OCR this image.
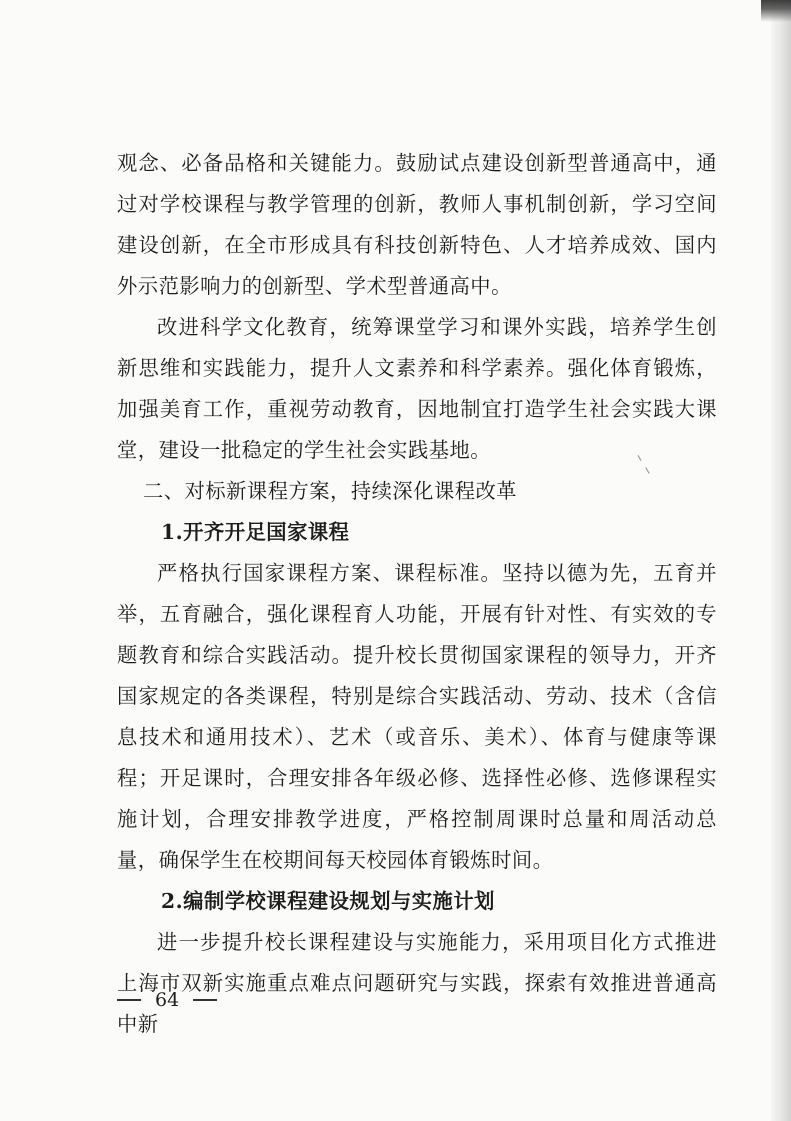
观念、必备品格和关键能力。鼓励试点建设创新型普通高中，通过对学校课程与教学管理的创新，教师人事机制创新，学习空间建设创新，在全市形成具有科技创新特色、人才培养成效、国内外示范影响力的创新型、学术型普通高中。

改进科学文化教育，统筹课堂学习和课外实践，培养学生创新思维和实践能力，提升人文素养和科学素养。强化体育锻炼，加强美育工作，重视劳动教育，因地制宜打造学生社会实践大课堂，建设一批稳定的学生社会实践基地。

二、对标新课程方案，持续深化课程改革
1.开齐开足国家课程

严格执行国家课程方案、课程标准。坚持以德为先，五育并举，五育融合，强化课程育人功能，开展有针对性、有实效的专题教育和综合实践活动。提升校长贯彻国家课程的领导力，开齐国家规定的各类课程，特别是综合实践活动、劳动、技术（含信息技术和通用技术）、艺术（或音乐、美术）、体育与健康等课程；开足课时，合理安排各年级必修、选择性必修、选修课程实施计划，合理安排教学进度，严格控制周课时总量和周活动总量，确保学生在校期间每天校园体育锻炼时间。

2.编制学校课程建设规划与实施计划

进一步提升校长课程建设与实施能力，采用项目化方式推进上海市双新实施重点难点问题研究与实践，探索有效推进普通高中新

64
